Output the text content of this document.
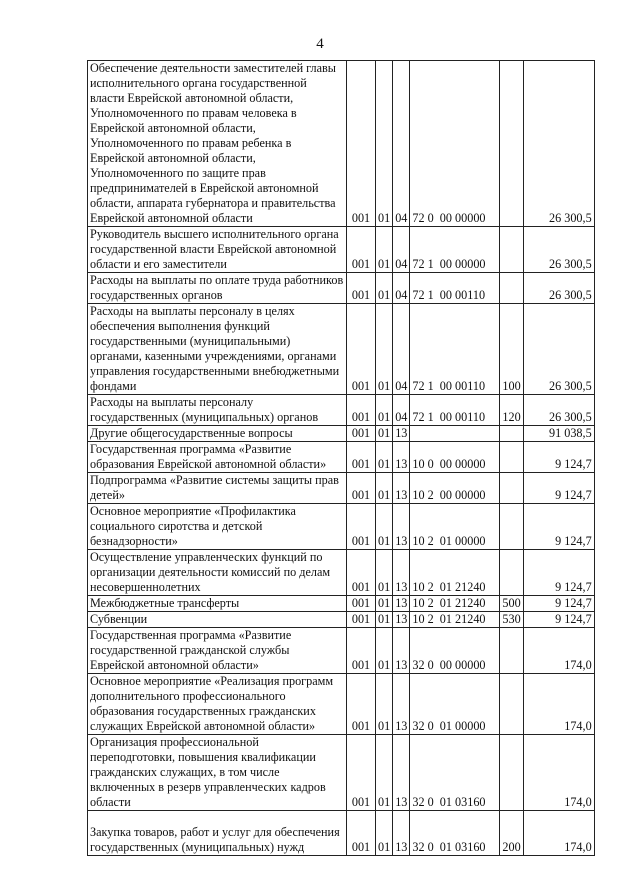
4
Обеспечение деятельности заместителей главы исполнительного органа государственной власти Еврейской автономной области, Уполномоченного по правам человека в Еврейской автономной области, Уполномоченного по правам ребенка в Еврейской автономной области, Уполномоченного по защите прав предпринимателей в Еврейской автономной области, аппарата губернатора и правительства Еврейской автономной области	001	01	04	72 0  00 00000		26 300,5
Руководитель высшего исполнительного органа государственной власти Еврейской автономной области и его заместители	001	01	04	72 1  00 00000		26 300,5
Расходы на выплаты по оплате труда работников государственных органов	001	01	04	72 1  00 00110		26 300,5
Расходы на выплаты персоналу в целях обеспечения выполнения функций государственными (муниципальными) органами, казенными учреждениями, органами управления государственными внебюджетными фондами	001	01	04	72 1  00 00110	100	26 300,5
Расходы на выплаты персоналу государственных (муниципальных) органов	001	01	04	72 1  00 00110	120	26 300,5
Другие общегосударственные вопросы	001	01	13			91 038,5
Государственная программа «Развитие образования Еврейской автономной области»	001	01	13	10 0  00 00000		9 124,7
Подпрограмма «Развитие системы защиты прав детей»	001	01	13	10 2  00 00000		9 124,7
Основное мероприятие «Профилактика социального сиротства и детской безнадзорности»	001	01	13	10 2  01 00000		9 124,7
Осуществление управленческих функций по организации деятельности комиссий по делам несовершеннолетних	001	01	13	10 2  01 21240		9 124,7
Межбюджетные трансферты	001	01	13	10 2  01 21240	500	9 124,7
Субвенции	001	01	13	10 2  01 21240	530	9 124,7
Государственная программа «Развитие государственной гражданской службы Еврейской автономной области»	001	01	13	32 0  00 00000		174,0
Основное мероприятие «Реализация программ дополнительного профессионального образования государственных гражданских служащих Еврейской автономной области»	001	01	13	32 0  01 00000		174,0
Организация профессиональной переподготовки, повышения квалификации гражданских служащих, в том числе включенных в резерв управленческих кадров области	001	01	13	32 0  01 03160		174,0
Закупка товаров, работ и услуг для обеспечения государственных (муниципальных) нужд	001	01	13	32 0  01 03160	200	174,0
